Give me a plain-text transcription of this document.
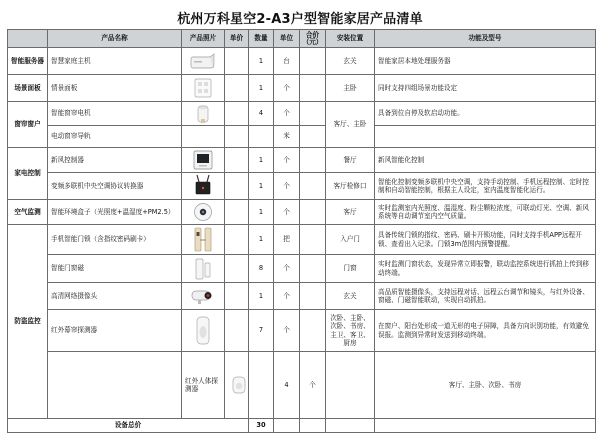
杭州万科星空2-A3户型智能家居产品清单
	产品名称	产品照片	单价	数量	单位	合价
（元）	安装位置	功能及型号	
智能服务器	智慧家庭主机			1	台		玄关	智能家居本地处理服务器	
场景面板	情景面板			1	个		主卧	同时支持四组场景功能设定	
窗帘窗户	智能窗帘电机			4	个		客厅、主卧	具备到位自停及软启动功能。	
	电动窗帘导轨				米				
家电控制	新风控制器			1	个		餐厅	新风智能化控制	
	变频多联机中央空调协议转换器			1	个		客厅检修口	智能化控制变频多联机中央空调，支持手动控制、手机远程控制、定时控制和自动智能控制，根据主人设定，室内温度智能化运行。	
空气监测	智能环境盒子（光照度+温湿度+PM2.5）			1	个		客厅	实时监测室内光照度、温湿度、粉尘颗粒浓度，可联动灯光、空调、新风系统等自动调节室内空气质量。	
防盗监控	手机智能门锁（含指纹密码刷卡）			1	把		入户门	具备传统门锁的指纹、密码、刷卡开锁功能，同时支持手机APP远程开锁、查看出入记录。门锁3m范围内预警提醒。	
	智能门窗磁			8	个		门窗	实时监测门窗状态，发现异常立即报警，联动监控系统进行抓拍上传到移动终端。	
	高清网络摄像头			1	个		玄关	高品质智能摄像头，支持远程对话、远程云台调节和镜头，与红外设备、窗磁、门磁智能联动，实现自动抓拍。	
	红外幕帘探测器			7	个		次卧、主卧、次卧、书房、主卫、客卫、厨房	在窗户、阳台处形成一道无形的电子屏障，具备方向识别功能，有效避免误报。监测到异常时发送到移动终端。	
		红外人体探测器			4	个		客厅、主卧、次卧、书房	
设备总价				30					
